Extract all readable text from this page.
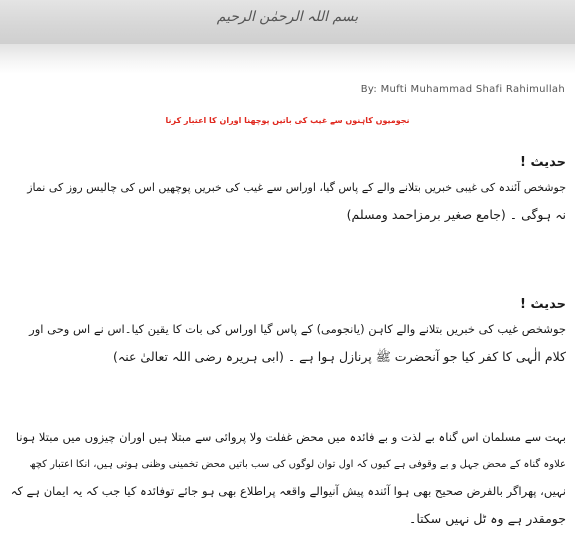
بسم اللہ الرحمٰن الرحیم
By: Mufti Muhammad Shafi Rahimullah
نجومیوں کاہنوں سے غیب کی باتیں پوچھنا اوران کا اعتبار کرنا

حدیث !

جوشخص آئندہ کی غیبی خبریں بتلانے والے کے پاس گیا، اوراس سے غیب کی خبریں پوچھیں اس کی چالیس روز کی نماز

نہ ہوگی ۔ (جامع صغیر برمزاحمد ومسلم)

حدیث !

جوشخص غیب کی خبریں بتلانے والے کاہن (یانجومی) کے پاس گیا اوراس کی بات کا یقین کیا۔اس نے اس وحی اور

کلام الٰہی کا کفر کیا جو آنحضرت ﷺ پرنازل ہوا ہے ۔ (ابی ہریرہ رضی اللہ تعالیٰ عنہ)

بہت سے مسلمان اس گناہ بے لذت و بے فائدہ میں محض غفلت ولا پروائی سے مبتلا ہیں اوران چیزوں میں مبتلا ہونا

علاوہ گناہ کے محض جہل و بے وقوفی ہے کیوں کہ اول توان لوگوں کی سب باتیں محض تخمینی وظنی ہوتی ہیں، انکا اعتبار کچھ

نہیں، پھراگر بالفرض صحیح بھی ہوا آئندہ پیش آنیوالے واقعہ پراطلاع بھی ہو جائے توفائدہ کیا جب کہ یہ ایمان ہے کہ

جومقدر ہے وہ ٹل نہیں سکتا۔
